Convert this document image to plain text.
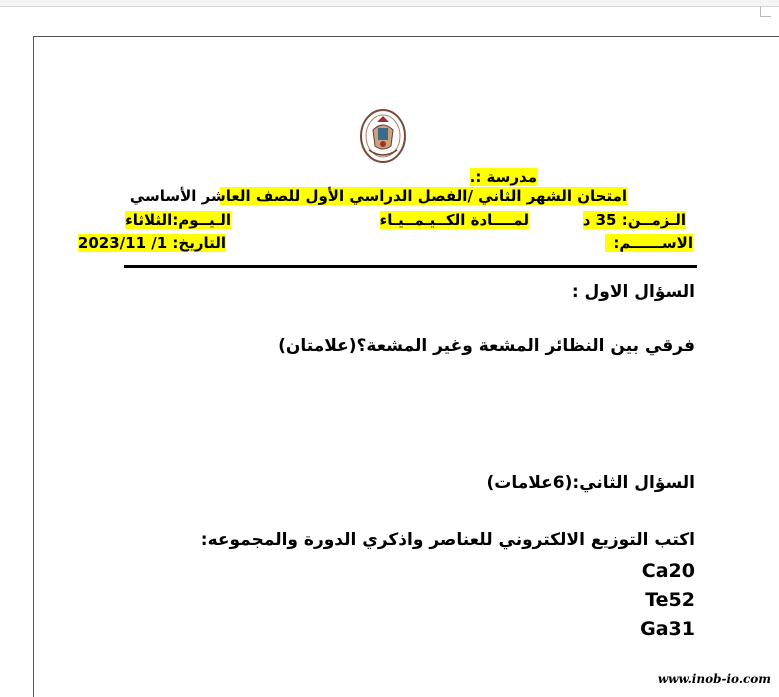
مدرسة :.
امتحان الشهر الثاني /الفصل الدراسي الأول للصف العاشر الأساسي
الـزمــن: 35 د
لمــــادة الكــيـمــيـاء
الـيــوم:الثلاثاء
الاســــــم:
التاريخ: 1/ 2023/11
السؤال الاول :
فرقي بين النظائر المشعة وغير المشعة؟(علامتان)
السؤال الثاني:(6علامات)
اكتب التوزيع الالكتروني للعناصر واذكري الدورة والمجموعه:
Ca20
Te52
Ga31
www.inob-io.com
